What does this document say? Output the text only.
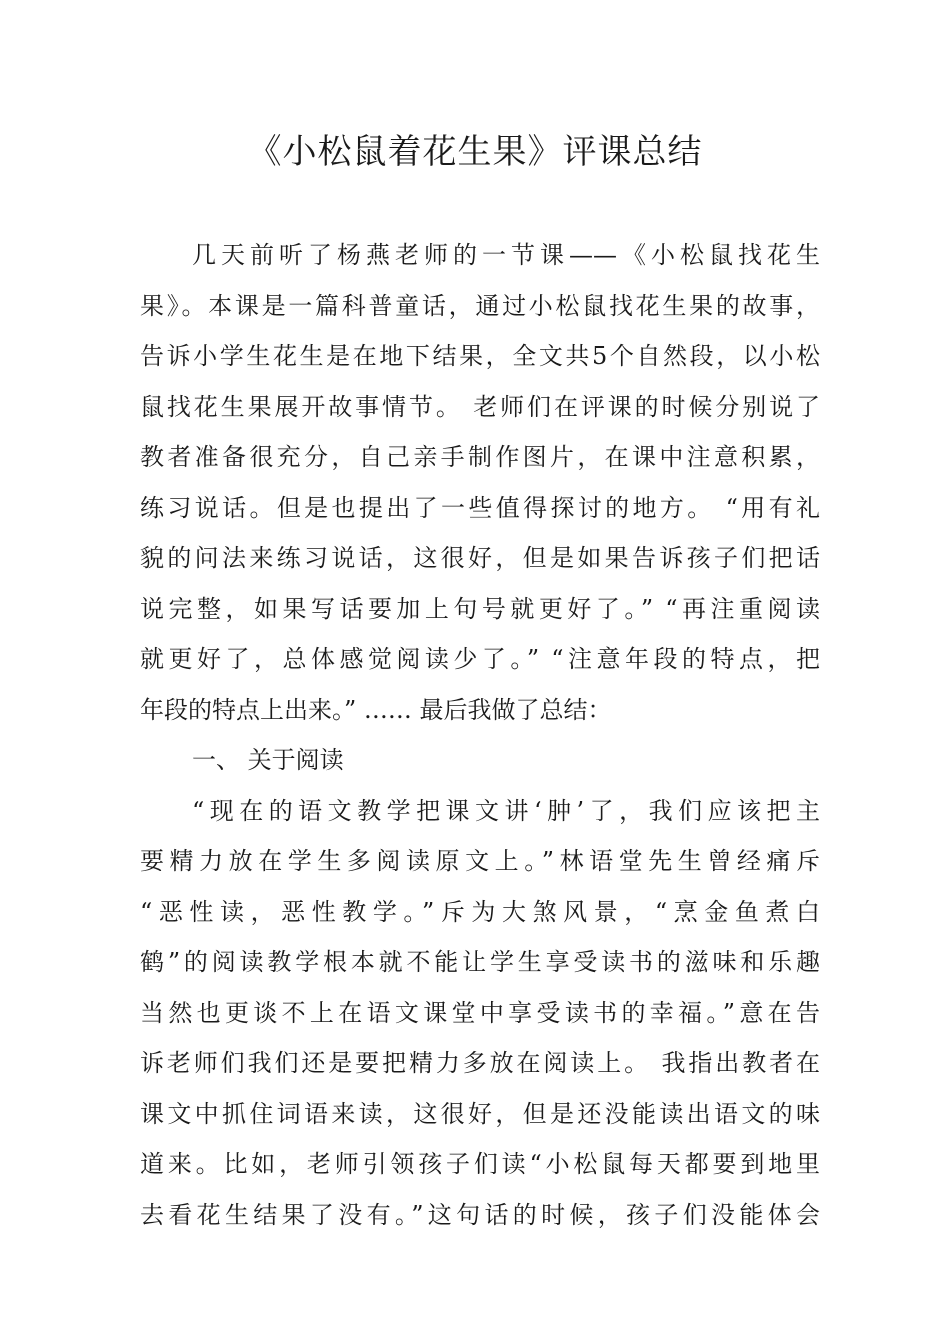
《小松鼠着花生果》评课总结
几天前听了杨燕老师的一节课——《小松鼠找花生
果》。本课是一篇科普童话，通过小松鼠找花生果的故事，
告诉小学生花生是在地下结果，全文共5个自然段，以小松
鼠找花生果展开故事情节。 老师们在评课的时候分别说了
教者准备很充分，自己亲手制作图片，在课中注意积累，
练习说话。但是也提出了一些值得探讨的地方。 “用有礼
貌的问法来练习说话，这很好，但是如果告诉孩子们把话
说完整，如果写话要加上句号就更好了。” “再注重阅读
就更好了，总体感觉阅读少了。” “注意年段的特点，把
年段的特点上出来。” …… 最后我做了总结：
一、 关于阅读
“现在的语文教学把课文讲‘肿’了，我们应该把主
要精力放在学生多阅读原文上。”林语堂先生曾经痛斥
“恶性读，恶性教学。”斥为大煞风景，“烹金鱼煮白
鹤”的阅读教学根本就不能让学生享受读书的滋味和乐趣
当然也更谈不上在语文课堂中享受读书的幸福。”意在告
诉老师们我们还是要把精力多放在阅读上。 我指出教者在
课文中抓住词语来读，这很好，但是还没能读出语文的味
道来。比如，老师引领孩子们读“小松鼠每天都要到地里
去看花生结果了没有。”这句话的时候，孩子们没能体会
